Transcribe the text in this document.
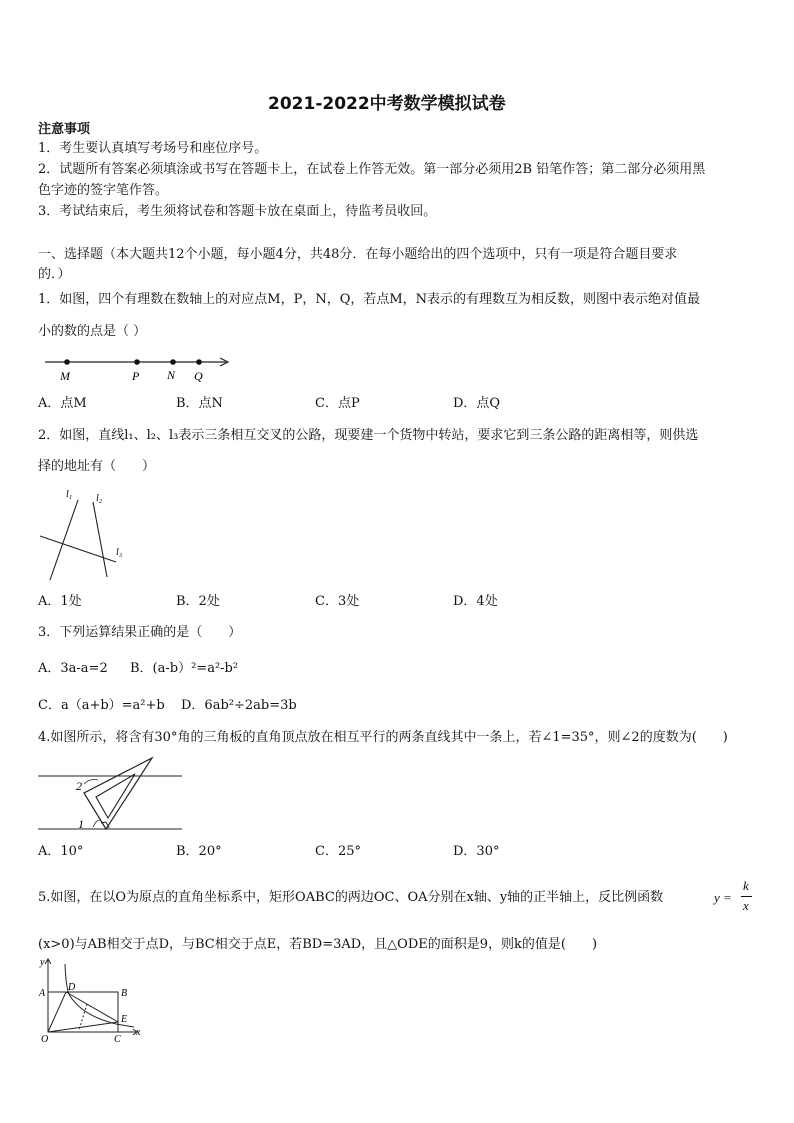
2021-2022中考数学模拟试卷
注意事项
1．考生要认真填写考场号和座位序号。
2．试题所有答案必须填涂或书写在答题卡上，在试卷上作答无效。第一部分必须用2B 铅笔作答；第二部分必须用黑
色字迹的签字笔作答。
3．考试结束后，考生须将试卷和答题卡放在桌面上，待监考员收回。
一、选择题（本大题共12个小题，每小题4分，共48分．在每小题给出的四个选项中，只有一项是符合题目要求
的．）
1．如图，四个有理数在数轴上的对应点M，P，N，Q，若点M，N表示的有理数互为相反数，则图中表示绝对值最
小的数的点是（ ）
M	P N Q
A．点M	B．点N	C．点P	D．点Q
2．如图，直线l₁、l₂、l₃表示三条相互交叉的公路，现要建一个货物中转站，要求它到三条公路的距离相等，则供选
择的地址有（　　）
l₁ l₂
l₃
A．1处	B．2处	C．3处	D．4处
3．下列运算结果正确的是（　　）
A．3a-a=2 B．(a-b）²=a²-b²
C．a（a+b）=a²+b D．6ab²÷2ab=3b
4.如图所示，将含有30°角的三角板的直角顶点放在相互平行的两条直线其中一条上，若∠1=35°，则∠2的度数为(　　)
2
1
A．10°	B．20°	C．25°	D．30°
5.如图，在以O为原点的直角坐标系中，矩形OABC的两边OC、OA分别在x轴、y轴的正半轴上，反比例函数	y =
k
x
(x>0)与AB相交于点D，与BC相交于点E，若BD=3AD，且△ODE的面积是9，则k的值是(　　)
y
A
D
B
E
O	C
x
